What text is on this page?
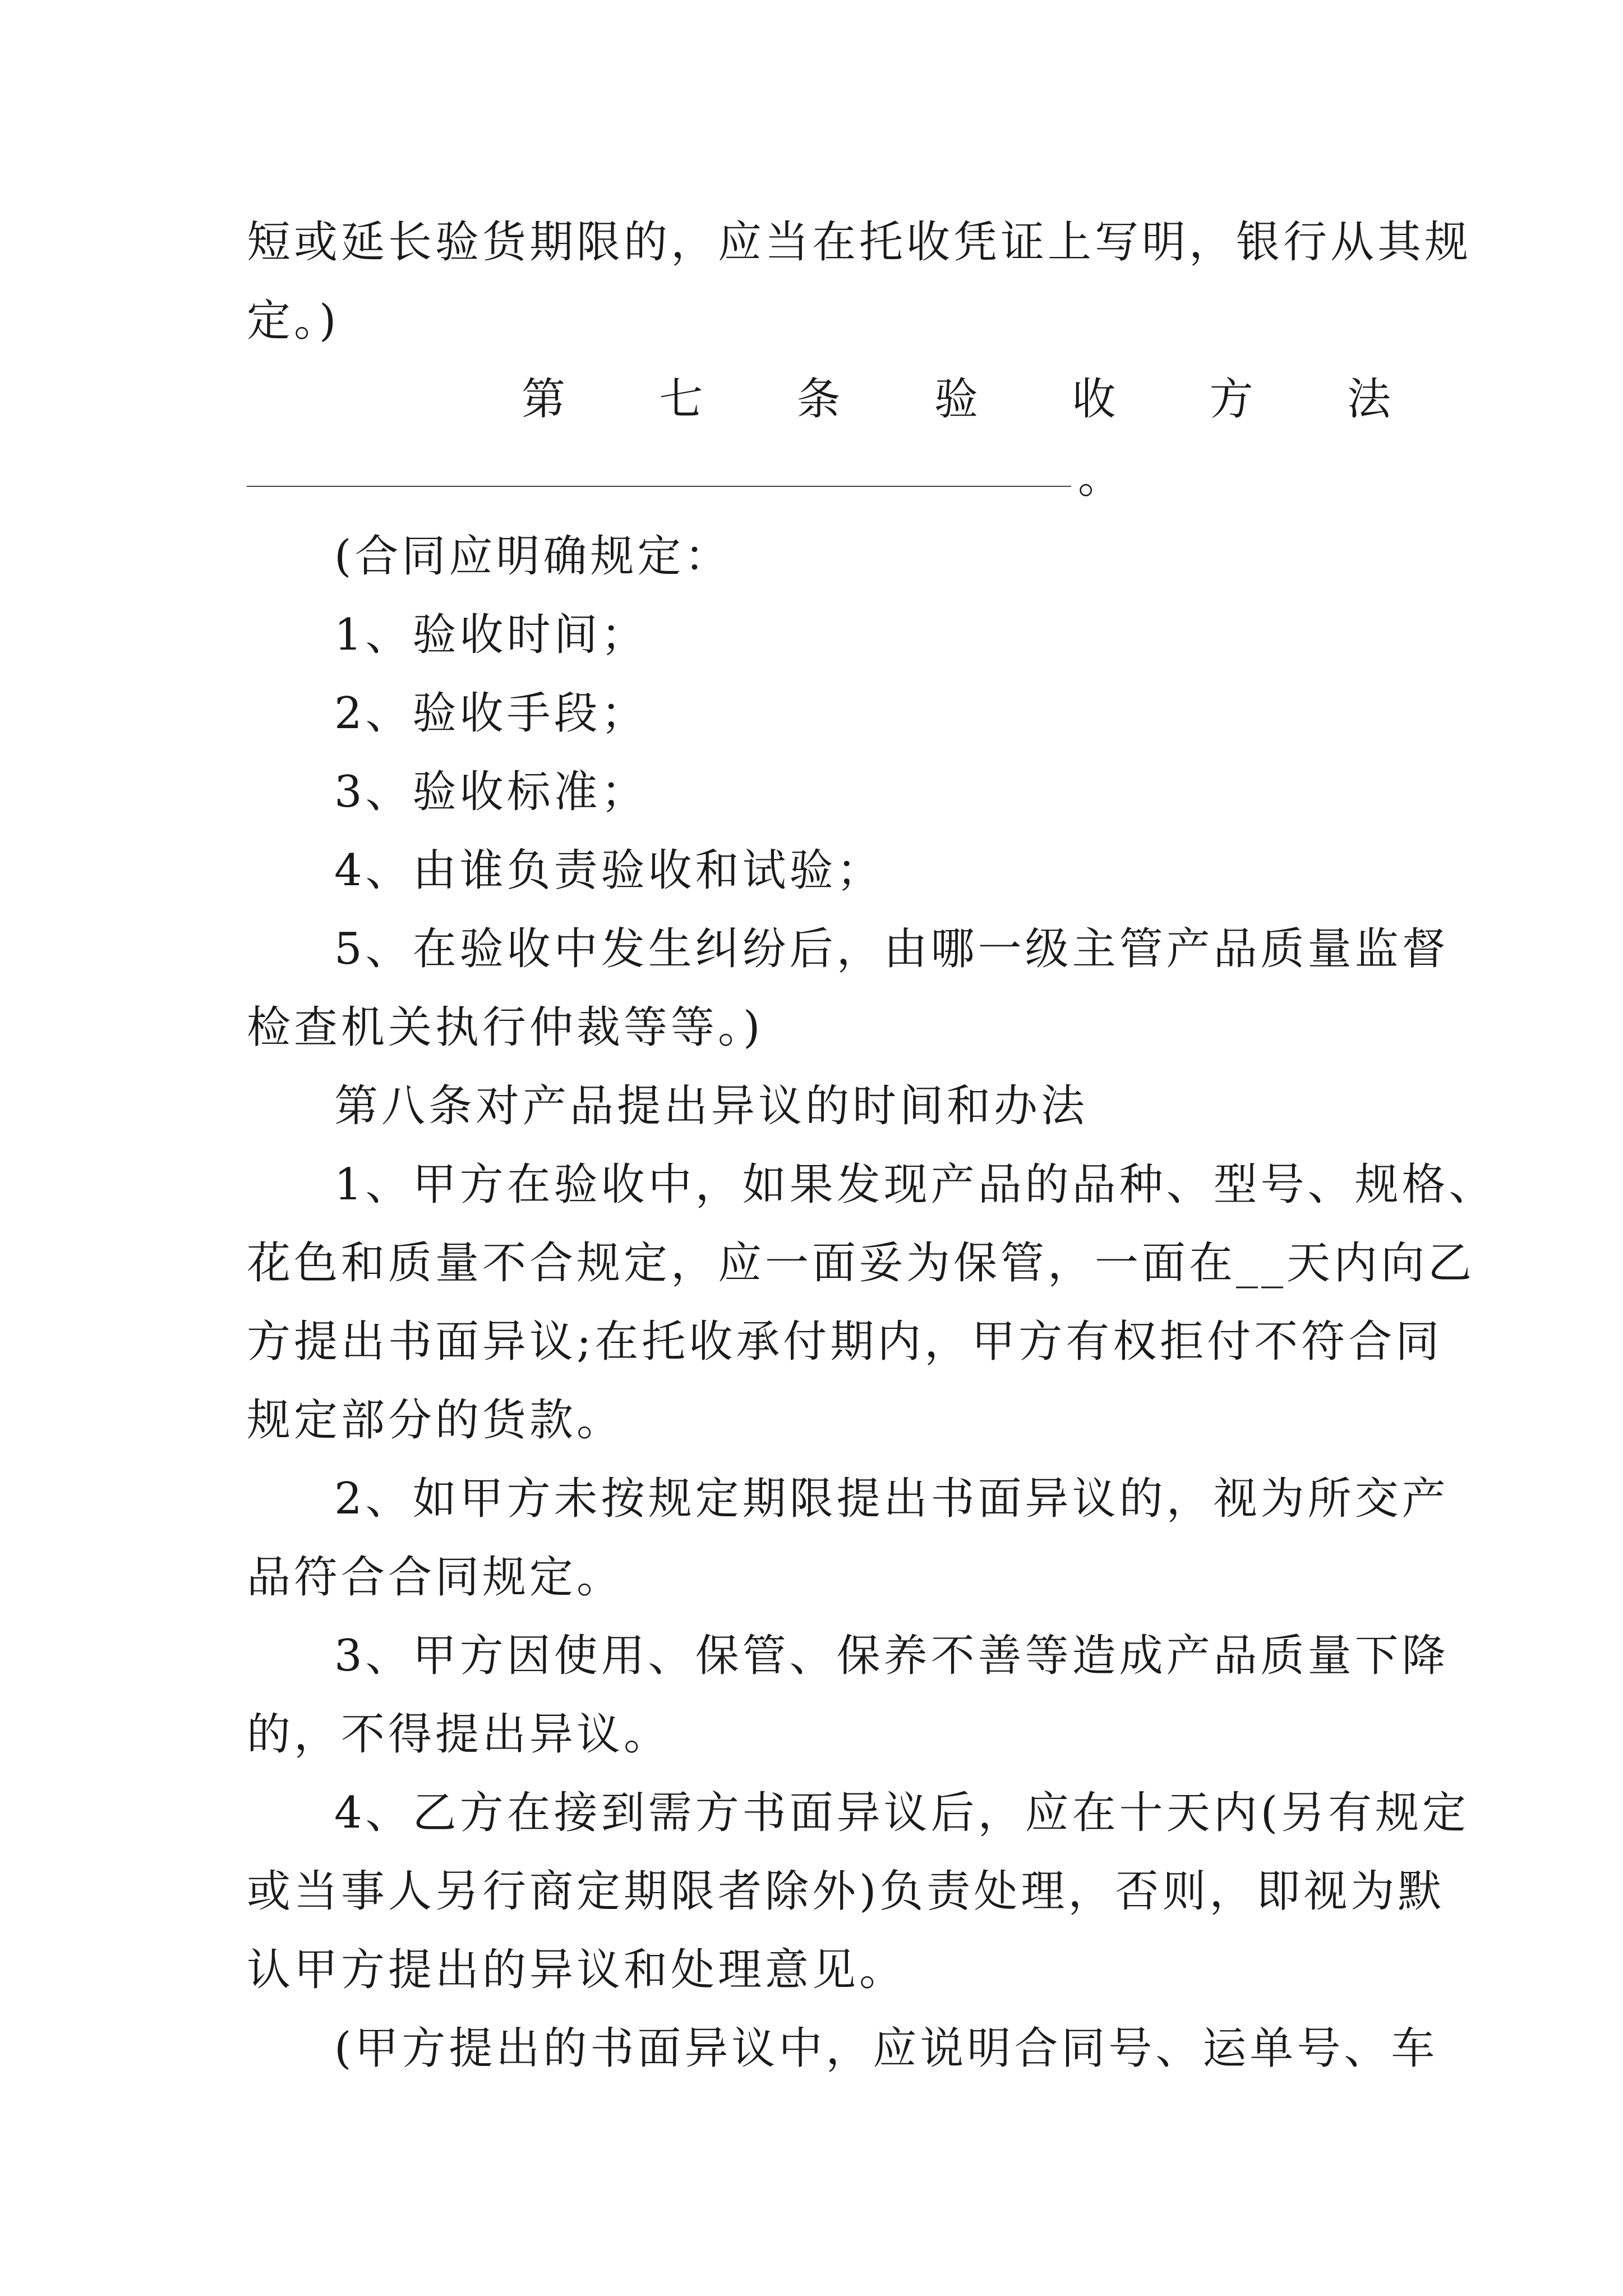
短或延长验货期限的，应当在托收凭证上写明，银行从其规
定。)
第 七 条 验 收 方 法
。
(合同应明确规定：
1、验收时间；
2、验收手段；
3、验收标准；
4、由谁负责验收和试验；
5、在验收中发生纠纷后，由哪一级主管产品质量监督
检查机关执行仲裁等等。)
第八条对产品提出异议的时间和办法
1、甲方在验收中，如果发现产品的品种、型号、规格、
花色和质量不合规定，应一面妥为保管，一面在__天内向乙
方提出书面异议;在托收承付期内，甲方有权拒付不符合同
规定部分的货款。
2、如甲方未按规定期限提出书面异议的，视为所交产
品符合合同规定。
3、甲方因使用、保管、保养不善等造成产品质量下降
的，不得提出异议。
4、乙方在接到需方书面异议后，应在十天内(另有规定
或当事人另行商定期限者除外)负责处理，否则，即视为默
认甲方提出的异议和处理意见。
(甲方提出的书面异议中，应说明合同号、运单号、车
